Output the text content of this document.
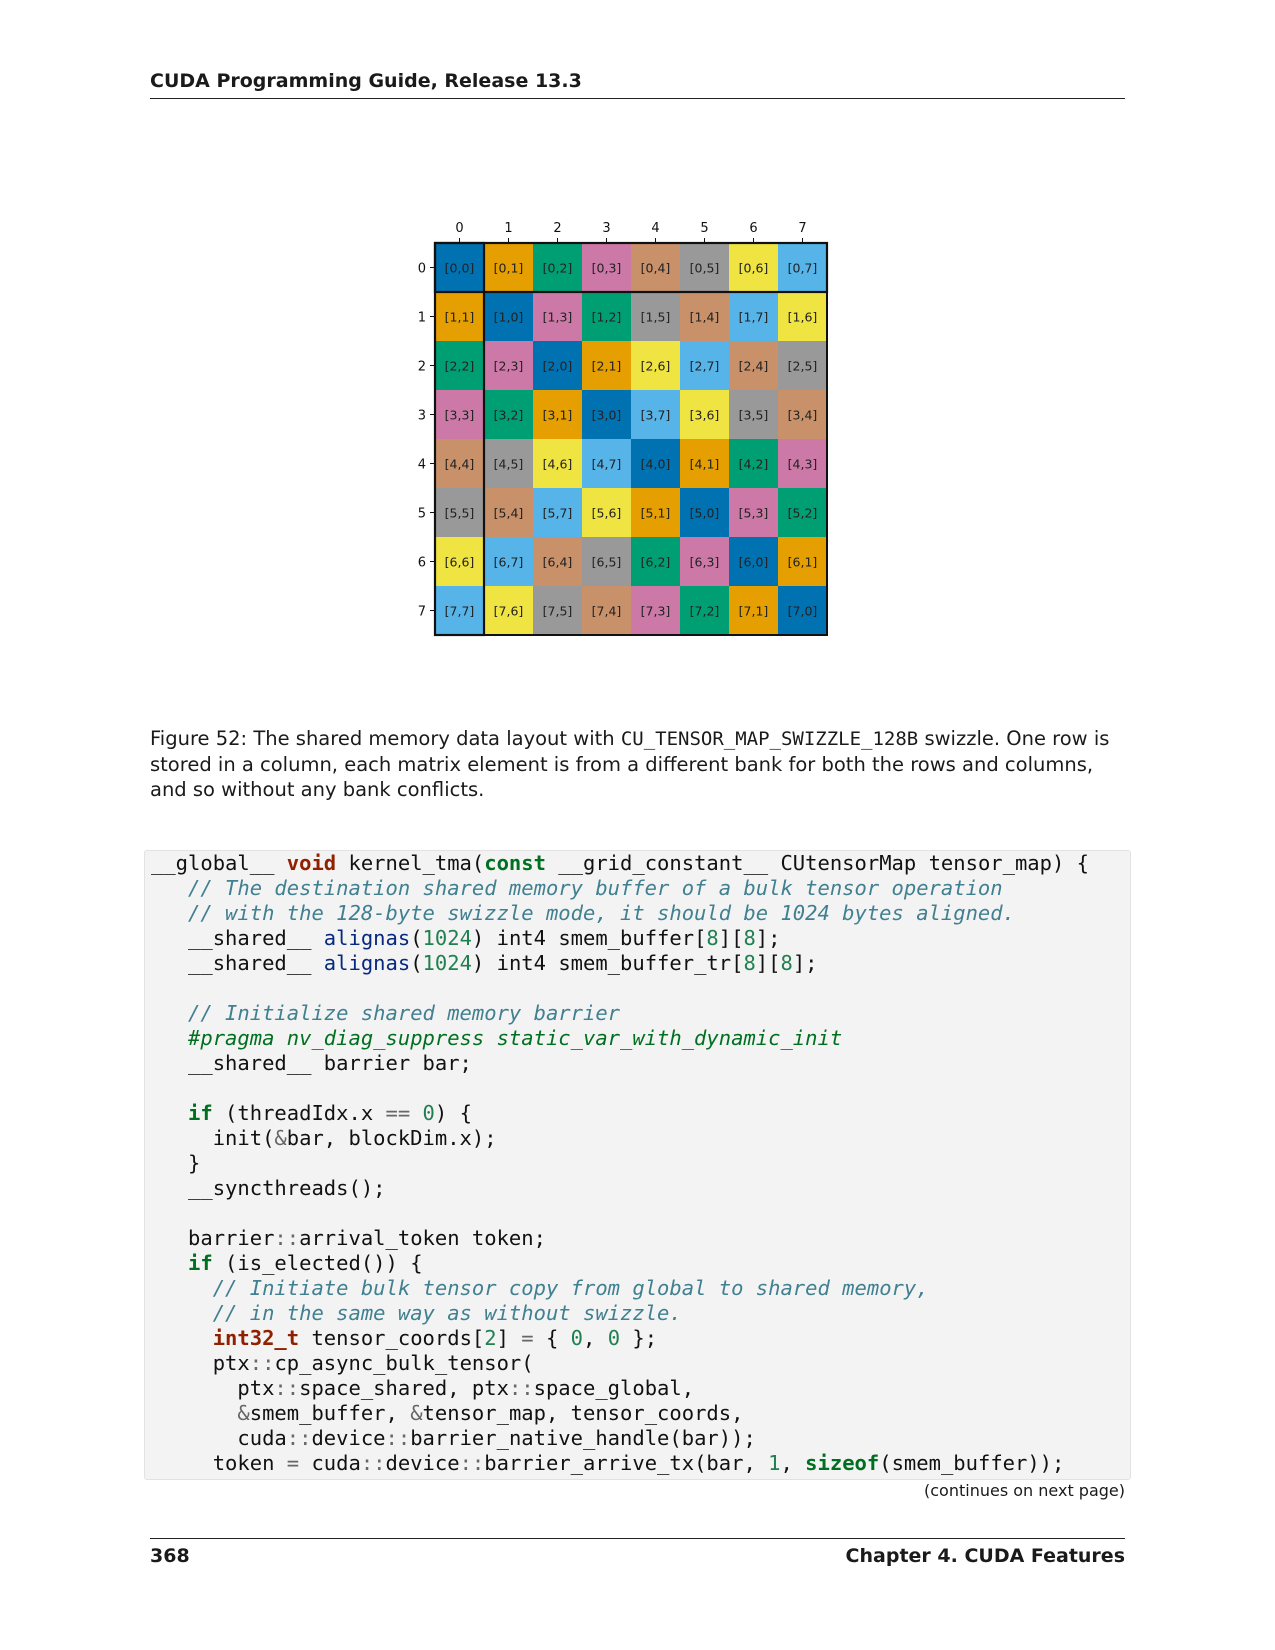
CUDA Programming Guide, Release 13.3
[0,0] [0,1] [0,2] [0,3] [0,4] [0,5] [0,6] [0,7]
[1,1] [1,0] [1,3] [1,2] [1,5] [1,4] [1,7] [1,6]
[2,2] [2,3] [2,0] [2,1] [2,6] [2,7] [2,4] [2,5]
[3,3] [3,2] [3,1] [3,0] [3,7] [3,6] [3,5] [3,4]
[4,4] [4,5] [4,6] [4,7] [4,0] [4,1] [4,2] [4,3]
[5,5] [5,4] [5,7] [5,6] [5,1] [5,0] [5,3] [5,2]
[6,6] [6,7] [6,4] [6,5] [6,2] [6,3] [6,0] [6,1]
[7,7] [7,6] [7,5] [7,4] [7,3] [7,2] [7,1] [7,0]
0	1	2	3	4	5	6	7
0
1
2
3
4
5
6
7
Figure 52: The shared memory data layout with CU_TENSOR_MAP_SWIZZLE_128B swizzle. One row is stored in a column, each matrix element is from a different bank for both the rows and columns, and so without any bank conflicts.
__global__ void kernel_tma(const __grid_constant__ CUtensorMap tensor_map) {
// The destination shared memory buffer of a bulk tensor operation
// with the 128-byte swizzle mode, it should be 1024 bytes aligned.
__shared__ alignas(1024) int4 smem_buffer[8][8];
__shared__ alignas(1024) int4 smem_buffer_tr[8][8];

// Initialize shared memory barrier
#pragma nv_diag_suppress static_var_with_dynamic_init
__shared__ barrier bar;

if (threadIdx.x == 0) {
init(&bar, blockDim.x);
}
__syncthreads();

barrier::arrival_token token;
if (is_elected()) {
// Initiate bulk tensor copy from global to shared memory,
// in the same way as without swizzle.
int32_t tensor_coords[2] = { 0, 0 };
ptx::cp_async_bulk_tensor(
ptx::space_shared, ptx::space_global,
&smem_buffer, &tensor_map, tensor_coords,
cuda::device::barrier_native_handle(bar));
token = cuda::device::barrier_arrive_tx(bar, 1, sizeof(smem_buffer));
(continues on next page)
368	Chapter 4. CUDA Features
